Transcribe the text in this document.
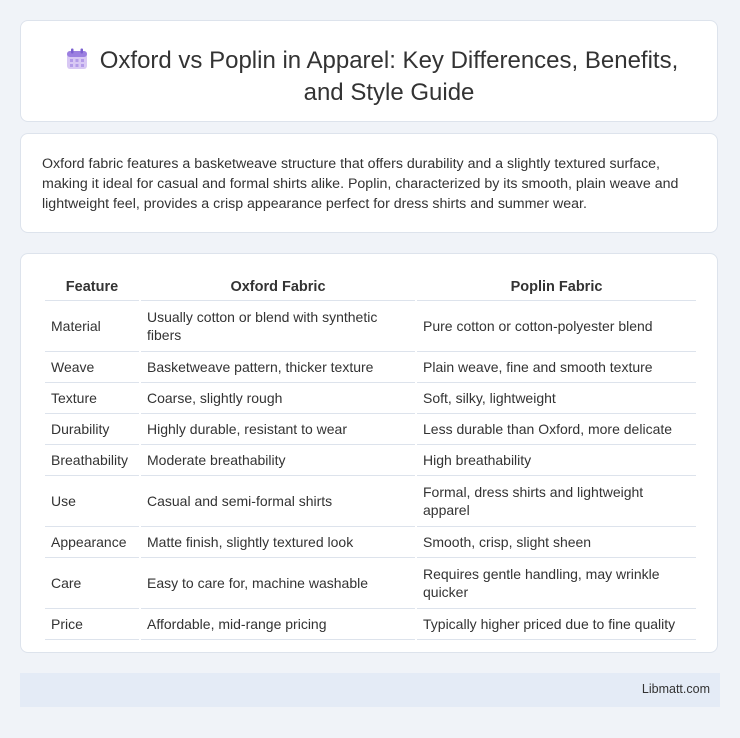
Oxford vs Poplin in Apparel: Key Differences, Benefits, and Style Guide
Oxford fabric features a basketweave structure that offers durability and a slightly textured surface, making it ideal for casual and formal shirts alike. Poplin, characterized by its smooth, plain weave and lightweight feel, provides a crisp appearance perfect for dress shirts and summer wear.
Feature	Oxford Fabric	Poplin Fabric
Material	Usually cotton or blend with synthetic fibers	Pure cotton or cotton-polyester blend
Weave	Basketweave pattern, thicker texture	Plain weave, fine and smooth texture
Texture	Coarse, slightly rough	Soft, silky, lightweight
Durability	Highly durable, resistant to wear	Less durable than Oxford, more delicate
Breathability	Moderate breathability	High breathability
Use	Casual and semi-formal shirts	Formal, dress shirts and lightweight apparel
Appearance	Matte finish, slightly textured look	Smooth, crisp, slight sheen
Care	Easy to care for, machine washable	Requires gentle handling, may wrinkle quicker
Price	Affordable, mid-range pricing	Typically higher priced due to fine quality
Libmatt.com
